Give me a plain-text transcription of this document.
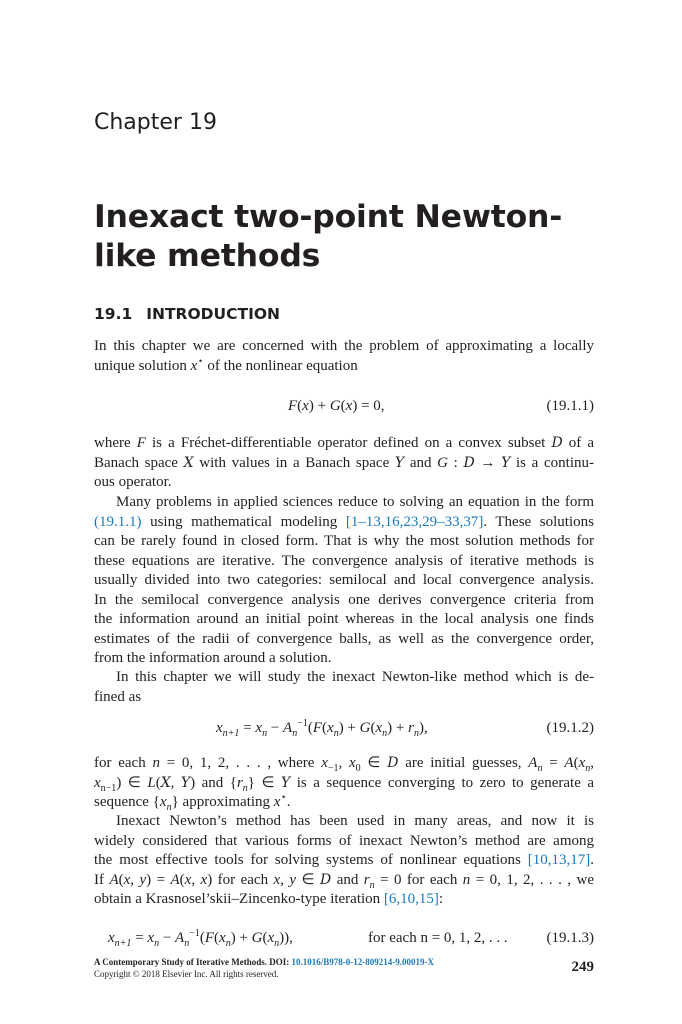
Chapter 19
Inexact two-point Newton-like methods
19.1 INTRODUCTION
In this chapter we are concerned with the problem of approximating a locally
unique solution x⋆ of the nonlinear equation
F(x) + G(x) = 0,	(19.1.1)
where F is a Fréchet-differentiable operator defined on a convex subset D of a
Banach space X with values in a Banach space Y and G : D → Y is a continu-
ous operator.
Many problems in applied sciences reduce to solving an equation in the form
(19.1.1) using mathematical modeling [1–13,16,23,29–33,37]. These solutions
can be rarely found in closed form. That is why the most solution methods for
these equations are iterative. The convergence analysis of iterative methods is
usually divided into two categories: semilocal and local convergence analysis.
In the semilocal convergence analysis one derives convergence criteria from
the information around an initial point whereas in the local analysis one finds
estimates of the radii of convergence balls, as well as the convergence order,
from the information around a solution.
In this chapter we will study the inexact Newton-like method which is de-
fined as
$x_{n+1} = x_n - A_n^{-1}(F(x_n) + G(x_n) + r_n)$,	(19.1.2)
for each n = 0, 1, 2, . . . , where $x_{-1}$, $x_0$ ∈ D are initial guesses, $A_n = A(x_n$,
$x_{n-1}$) ∈ L(X, Y) and $\{r_n\}$ ∈ Y is a sequence converging to zero to generate a
sequence $\{x_n\}$ approximating x⋆.
Inexact Newton’s method has been used in many areas, and now it is
widely considered that various forms of inexact Newton’s method are among
the most effective tools for solving systems of nonlinear equations [10,13,17].
If A(x, y) = A(x, x) for each x, y ∈ D and $r_n = 0$ for each n = 0, 1, 2, . . . , we
obtain a Krasnosel’skii–Zincenko-type iteration [6,10,15]:
$x_{n+1} = x_n - A_n^{-1}(F(x_n) + G(x_n))$,	for each n = 0, 1, 2, . . .	(19.1.3)
A Contemporary Study of Iterative Methods. DOI: 10.1016/B978-0-12-809214-9.00019-X
Copyright © 2018 Elsevier Inc. All rights reserved.	249
